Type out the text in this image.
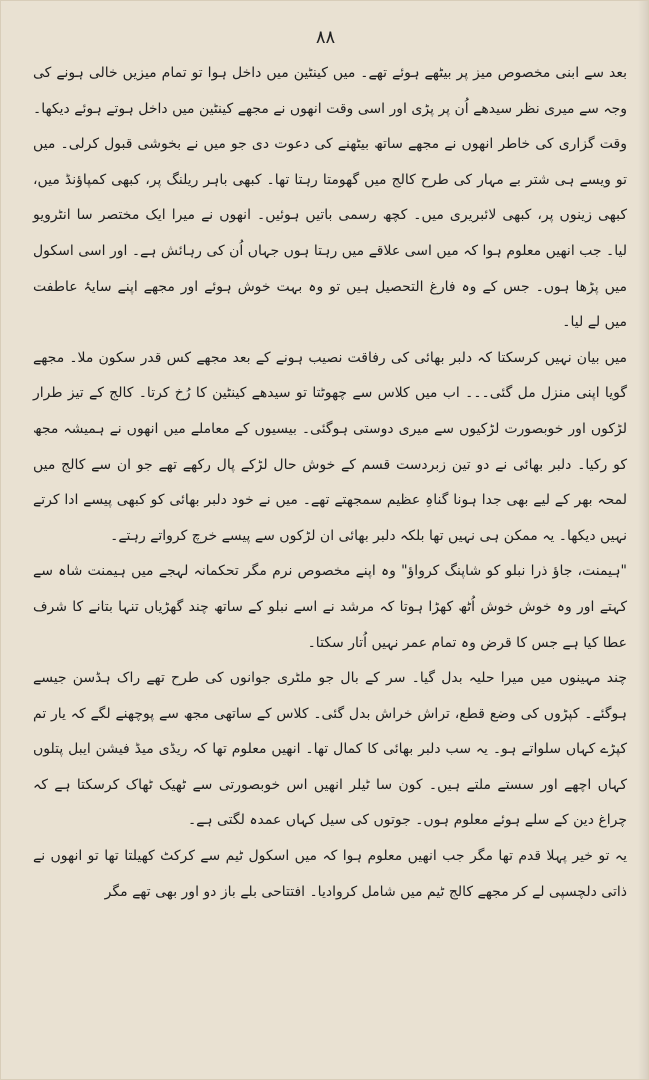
۸۸

بعد سے ابنی مخصوص میز پر بیٹھے ہوئے تھے۔ میں کینٹین میں داخل ہوا تو تمام میزیں خالی ہونے کی وجہ سے میری نظر سیدھے اُن پر پڑی اور اسی وقت انھوں نے مجھے کینٹین میں داخل ہوتے ہوئے دیکھا۔ وقت گزاری کی خاطر انھوں نے مجھے ساتھ بیٹھنے کی دعوت دی جو میں نے بخوشی قبول کرلی۔ میں تو ویسے ہی شتر بے مہار کی طرح کالج میں گھومتا رہتا تھا۔ کبھی باہر ریلنگ پر، کبھی کمپاؤنڈ میں، کبھی زینوں پر، کبھی لائبریری میں۔ کچھ رسمی باتیں ہوئیں۔ انھوں نے میرا ایک مختصر سا انٹرویو لیا۔ جب انھیں معلوم ہوا کہ میں اسی علاقے میں رہتا ہوں جہاں اُن کی رہائش ہے۔ اور اسی اسکول میں پڑھا ہوں۔ جس کے وہ فارغ التحصیل ہیں تو وہ بہت خوش ہوئے اور مجھے اپنے سایۂ عاطفت میں لے لیا۔

میں بیان نہیں کرسکتا کہ دلبر بھائی کی رفاقت نصیب ہونے کے بعد مجھے کس قدر سکون ملا۔ مجھے گویا اپنی منزل مل گئی۔۔۔ اب میں کلاس سے چھوٹتا تو سیدھے کینٹین کا رُخ کرتا۔ کالج کے تیز طرار لڑکوں اور خوبصورت لڑکیوں سے میری دوستی ہوگئی۔ بیسیوں کے معاملے میں انھوں نے ہمیشہ مجھ کو رکیا۔ دلبر بھائی نے دو تین زبردست قسم کے خوش حال لڑکے پال رکھے تھے جو ان سے کالج میں لمحہ بھر کے لیے بھی جدا ہونا گناہِ عظیم سمجھتے تھے۔ میں نے خود دلبر بھائی کو کبھی پیسے ادا کرتے نہیں دیکھا۔ یہ ممکن ہی نہیں تھا بلکہ دلبر بھائی ان لڑکوں سے پیسے خرچ کرواتے رہتے۔

"ہیمنت، جاؤ ذرا نبلو کو شاپنگ کرواؤ" وہ اپنے مخصوص نرم مگر تحکمانہ لہجے میں ہیمنت شاہ سے کہتے اور وہ خوش خوش اُٹھ کھڑا ہوتا کہ مرشد نے اسے نبلو کے ساتھ چند گھڑیاں تنہا بتانے کا شرف عطا کیا ہے جس کا قرض وہ تمام عمر نہیں اُتار سکتا۔

چند مہینوں میں میرا حلیہ بدل گیا۔ سر کے بال جو ملٹری جوانوں کی طرح تھے راک ہڈسن جیسے ہوگئے۔ کپڑوں کی وضع قطع، تراش خراش بدل گئی۔ کلاس کے ساتھی مجھ سے پوچھنے لگے کہ یار تم کپڑے کہاں سلواتے ہو۔ یہ سب دلبر بھائی کا کمال تھا۔ انھیں معلوم تھا کہ ریڈی میڈ فیشن ایبل پتلوں کہاں اچھے اور سستے ملتے ہیں۔ کون سا ٹیلر انھیں اس خوبصورتی سے ٹھیک ٹھاک کرسکتا ہے کہ چراغ دین کے سلے ہوئے معلوم ہوں۔ جوتوں کی سیل کہاں عمدہ لگتی ہے۔

یہ تو خیر پہلا قدم تھا مگر جب انھیں معلوم ہوا کہ میں اسکول ٹیم سے کرکٹ کھیلتا تھا تو انھوں نے ذاتی دلچسپی لے کر مجھے کالج ٹیم میں شامل کروادیا۔ افتتاحی بلے باز دو اور بھی تھے مگر
